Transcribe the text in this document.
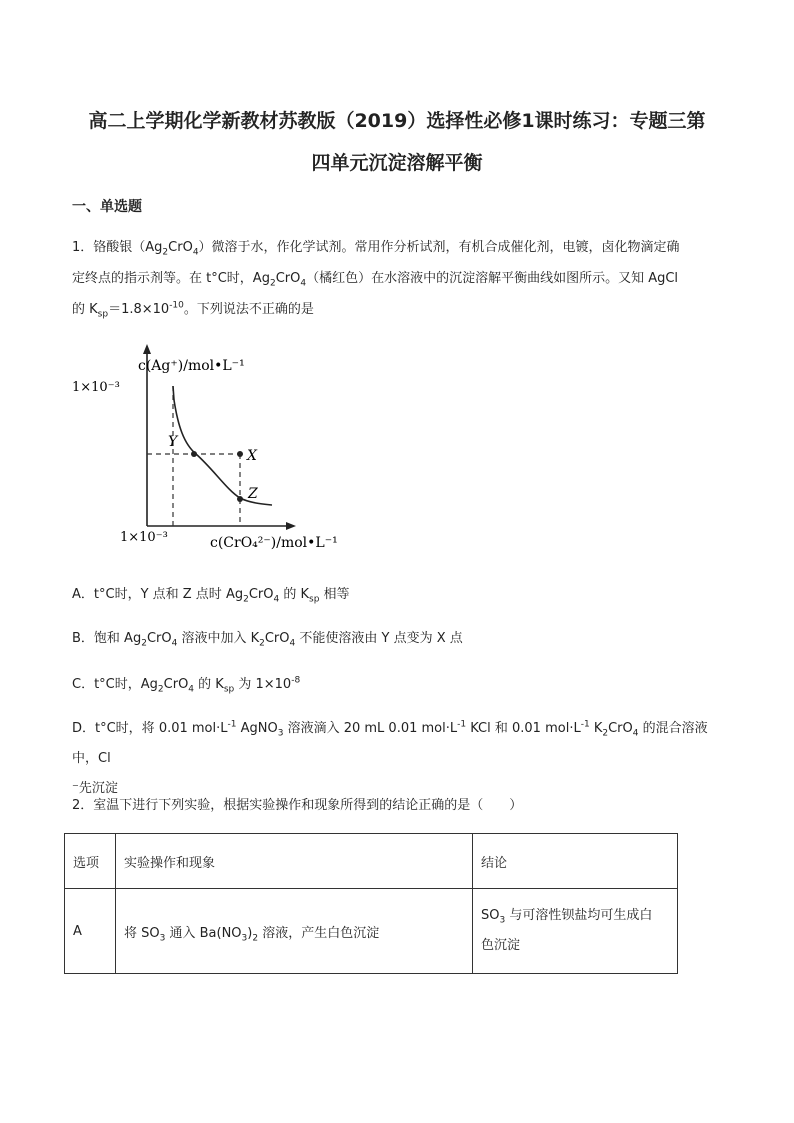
高二上学期化学新教材苏教版（2019）选择性必修1课时练习：专题三第
四单元沉淀溶解平衡
一、单选题
1．铬酸银$(Ag_2CrO_4)$微溶于水，作化学试剂。常用作分析试剂，有机合成催化剂，电镀，卤化物滴定确
定终点的指示剂等。在 t°C时，$Ag_2CrO_4$（橘红色）在水溶液中的沉淀溶解平衡曲线如图所示。又知 AgCl
的 $K_{sp}=1.8\times 10^{-10}$。下列说法不正确的是
Y
X
Z
c(Ag⁺)/mol•L⁻¹
1×10⁻³
1×10⁻³	c(CrO₄²⁻)/mol•L⁻¹
A．t°C时，Y 点和 Z 点时 $Ag_2CrO_4$ 的 $K_{sp}$ 相等
B．饱和 $Ag_2CrO_4$ 溶液中加入 $K_2CrO_4$ 不能使溶液由 Y 点变为 X 点
C．t°C时，$Ag_2CrO_4$ 的 $K_{sp}$ 为 $1\times 10^{-8}$
D．t°C时，将 0.01 $mol\cdot L^{-1}$ AgNO$_3$ 溶液滴入 20 mL 0.01 $mol\cdot L^{-1}$ KCl 和 0.01 $mol\cdot L^{-1}$ $K_2CrO_4$ 的混合溶液中，Cl
⁻先沉淀
2．室温下进行下列实验，根据实验操作和现象所得到的结论正确的是（　　）
选项	实验操作和现象	结论
A	将 $SO_3$ 通入 $Ba(NO_3)_2$ 溶液，产生白色沉淀	$SO_3$ 与可溶性钡盐均可生成白
色沉淀
